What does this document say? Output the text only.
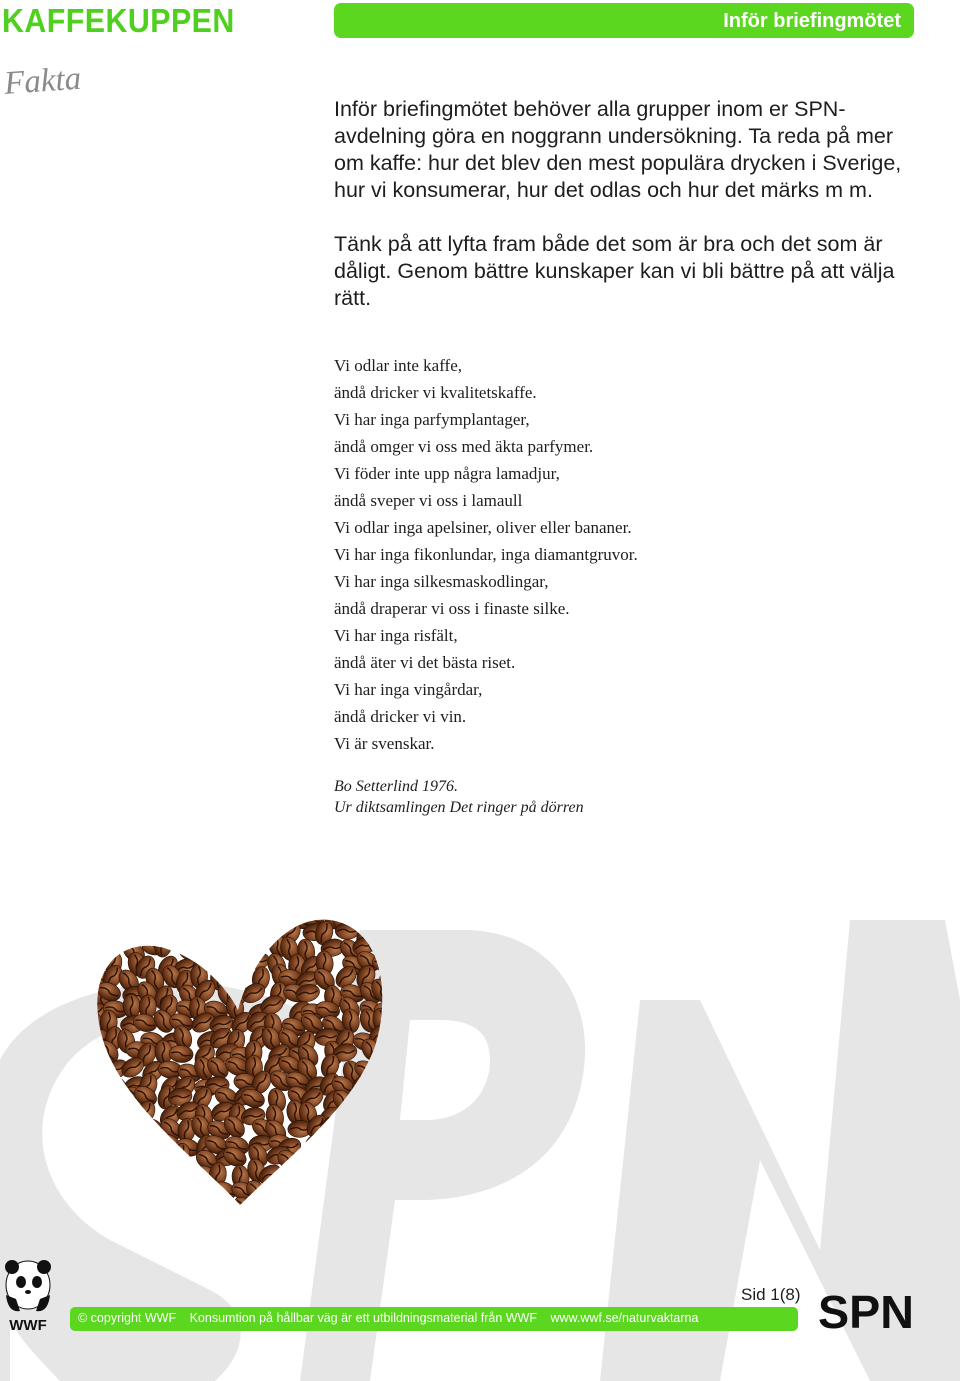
KAFFEKUPPEN	Inför briefingmötet
Fakta

Inför briefingmötet behöver alla grupper inom er SPN-avdelning göra en noggrann undersökning. Ta reda på mer om kaffe: hur det blev den mest populära drycken i Sverige, hur vi konsumerar, hur det odlas och hur det märks m m.

Tänk på att lyfta fram både det som är bra och det som är dåligt. Genom bättre kunskaper kan vi bli bättre på att välja rätt.

Vi odlar inte kaffe,
ändå dricker vi kvalitetskaffe.
Vi har inga parfymplantager,
ändå omger vi oss med äkta parfymer.
Vi föder inte upp några lamadjur,
ändå sveper vi oss i lamaull
Vi odlar inga apelsiner, oliver eller bananer.
Vi har inga fikonlundar, inga diamantgruvor.
Vi har inga silkesmaskodlingar,
ändå draperar vi oss i finaste silke.
Vi har inga risfält,
ändå äter vi det bästa riset.
Vi har inga vingårdar,
ändå dricker vi vin.
Vi är svenskar.
Bo Setterlind 1976.
Ur diktsamlingen Det ringer på dörren
WWF
Sid 1(8) SPN
© copyright WWF Konsumtion på hållbar väg är ett utbildningsmaterial från WWF www.wwf.se/naturvaktarna
